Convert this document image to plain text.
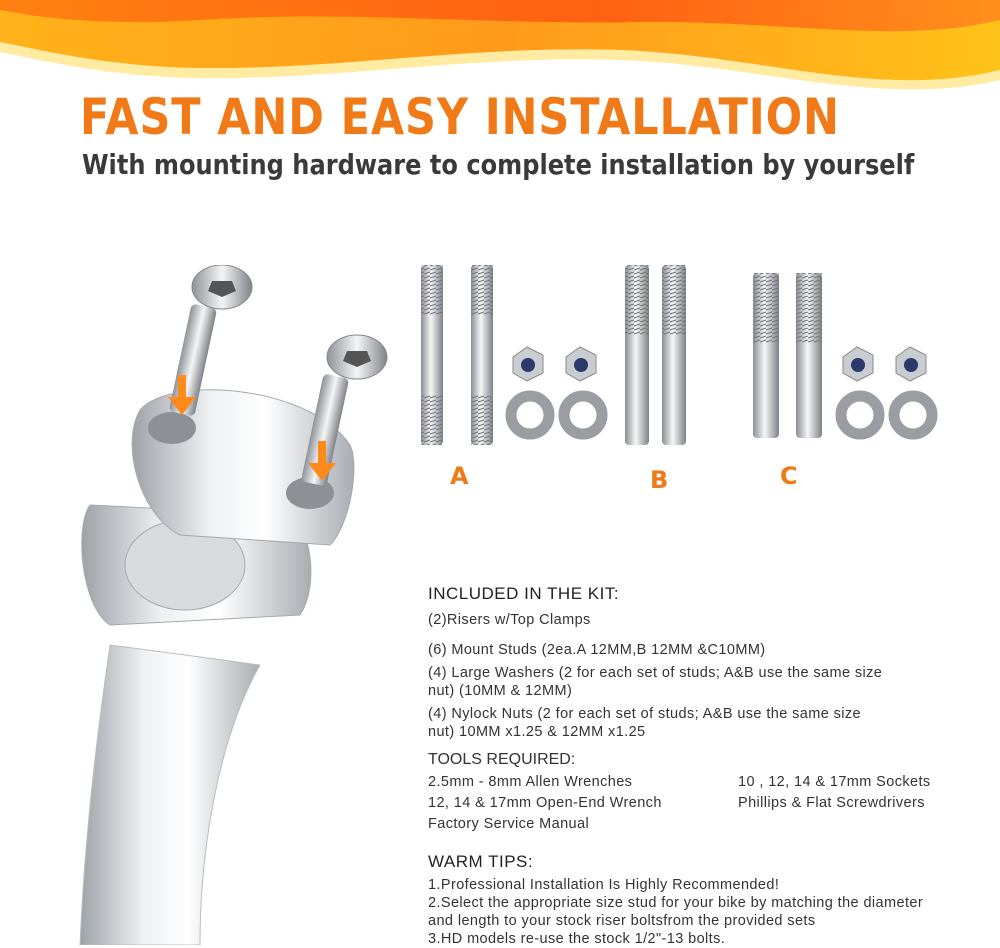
FAST AND EASY INSTALLATION
With mounting hardware to complete installation by yourself
A	B	C
INCLUDED IN THE KIT:

(2)Risers w/Top Clamps

(6) Mount Studs (2ea.A 12MM,B 12MM &C10MM)

(4) Large Washers (2 for each set of studs; A&B use the same size nut) (10MM & 12MM)

(4) Nylock Nuts (2 for each set of studs; A&B use the same size nut) 10MM x1.25 & 12MM x1.25

TOOLS REQUIRED:
2.5mm - 8mm Allen Wrenches	10 , 12, 14 & 17mm Sockets
12, 14 & 17mm Open-End Wrench	Phillips & Flat Screwdrivers
Factory Service Manual
WARM TIPS:
1.Professional Installation Is Highly Recommended!
2.Select the appropriate size stud for your bike by matching the diameter and length to your stock riser boltsfrom the provided sets
3.HD models re-use the stock 1/2"-13 bolts.
